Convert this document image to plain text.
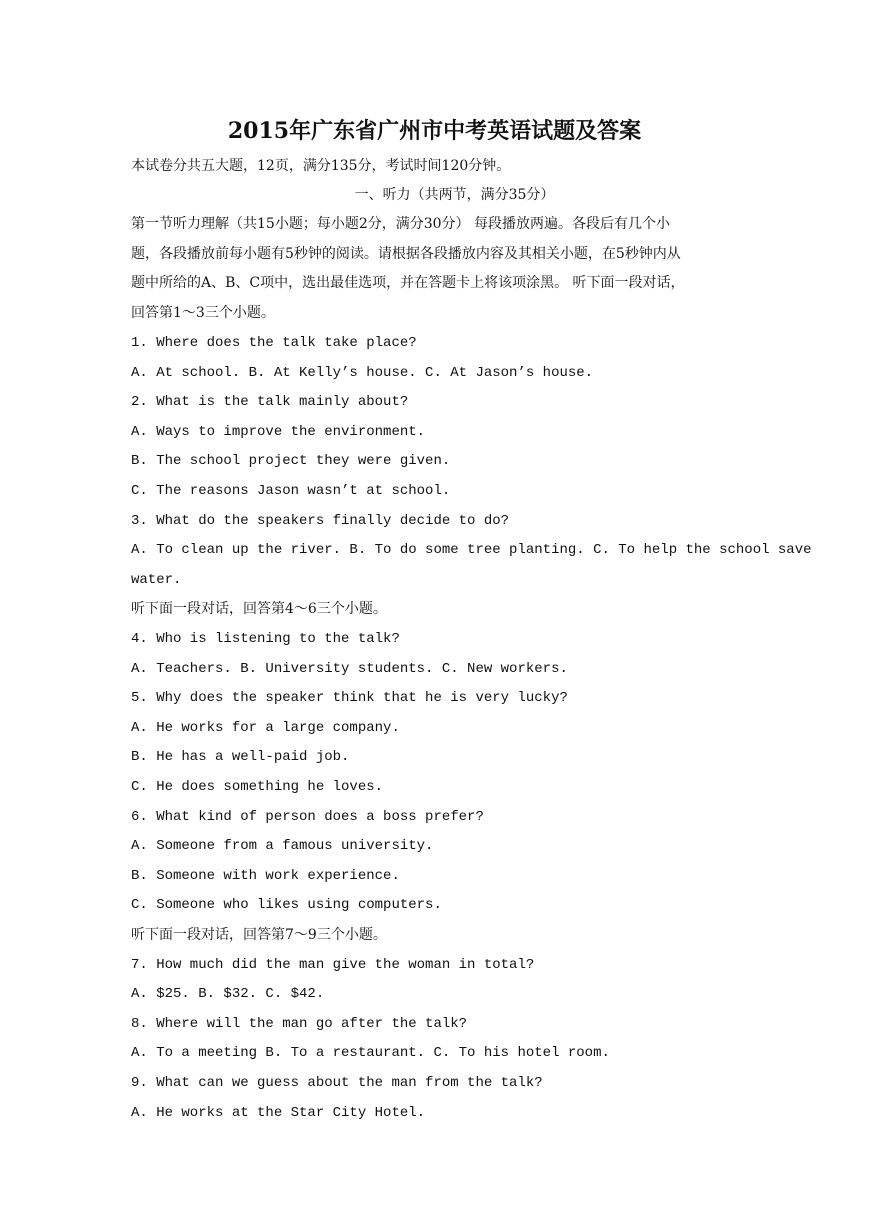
2015年广东省广州市中考英语试题及答案
本试卷分共五大题，12页，满分135分，考试时间120分钟。
一、听力（共两节，满分35分）
第一节听力理解（共15小题；每小题2分，满分30分） 每段播放两遍。各段后有几个小
题，各段播放前每小题有5秒钟的阅读。请根据各段播放内容及其相关小题，在5秒钟内从
题中所给的A、B、C项中，选出最佳选项，并在答题卡上将该项涂黑。 听下面一段对话，
回答第1～3三个小题。
1. Where does the talk take place?
A. At school. B. At Kelly’s house. C. At Jason’s house.
2. What is the talk mainly about?
A. Ways to improve the environment.
B. The school project they were given.
C. The reasons Jason wasn’t at school.
3. What do the speakers finally decide to do?
A. To clean up the river. B. To do some tree planting. C. To help the school save
water.
听下面一段对话，回答第4～6三个小题。
4. Who is listening to the talk?
A. Teachers. B. University students. C. New workers.
5. Why does the speaker think that he is very lucky?
A. He works for a large company.
B. He has a well-paid job.
C. He does something he loves.
6. What kind of person does a boss prefer?
A. Someone from a famous university.
B. Someone with work experience.
C. Someone who likes using computers.
听下面一段对话，回答第7～9三个小题。
7. How much did the man give the woman in total?
A. $25. B. $32. C. $42.
8. Where will the man go after the talk?
A. To a meeting B. To a restaurant. C. To his hotel room.
9. What can we guess about the man from the talk?
A. He works at the Star City Hotel.
